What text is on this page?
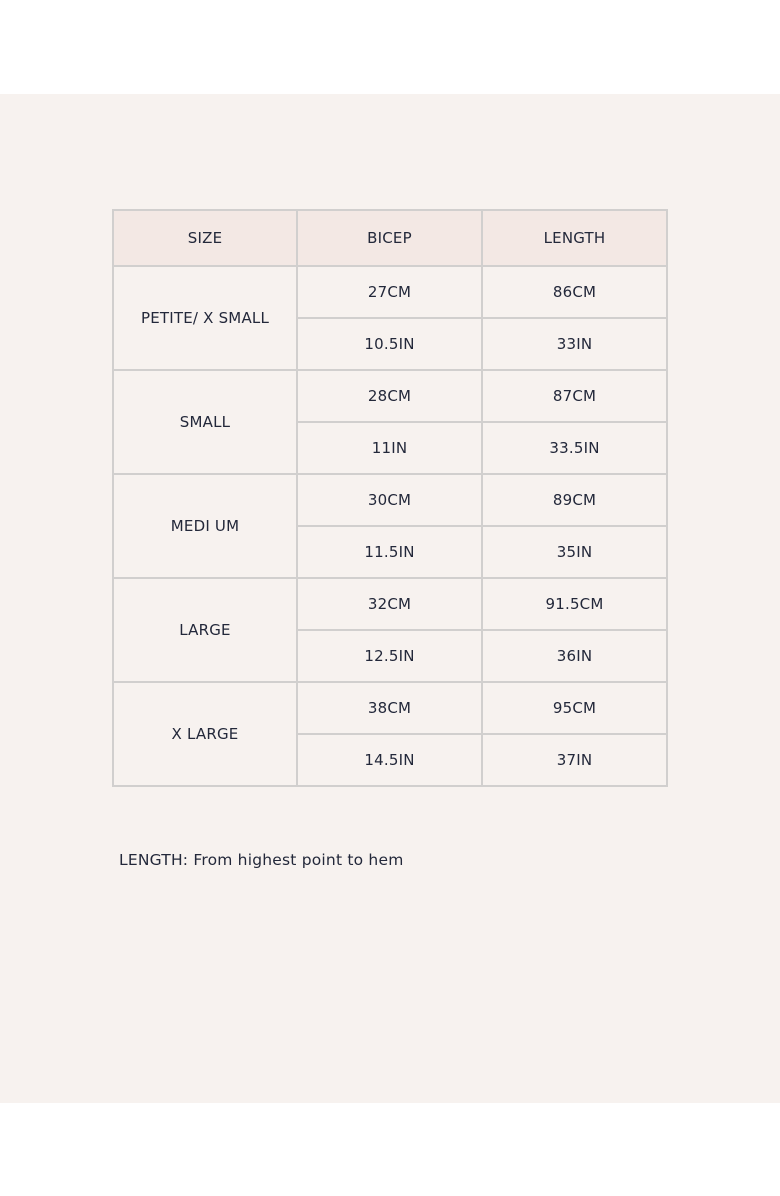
SIZE	BICEP	LENGTH
PETITE/ X SMALL	27CM	86CM
	10.5IN	33IN
SMALL	28CM	87CM
	11IN	33.5IN
MEDI UM	30CM	89CM
	11.5IN	35IN
LARGE	32CM	91.5CM
	12.5IN	36IN
X LARGE	38CM	95CM
	14.5IN	37IN
LENGTH: From highest point to hem
